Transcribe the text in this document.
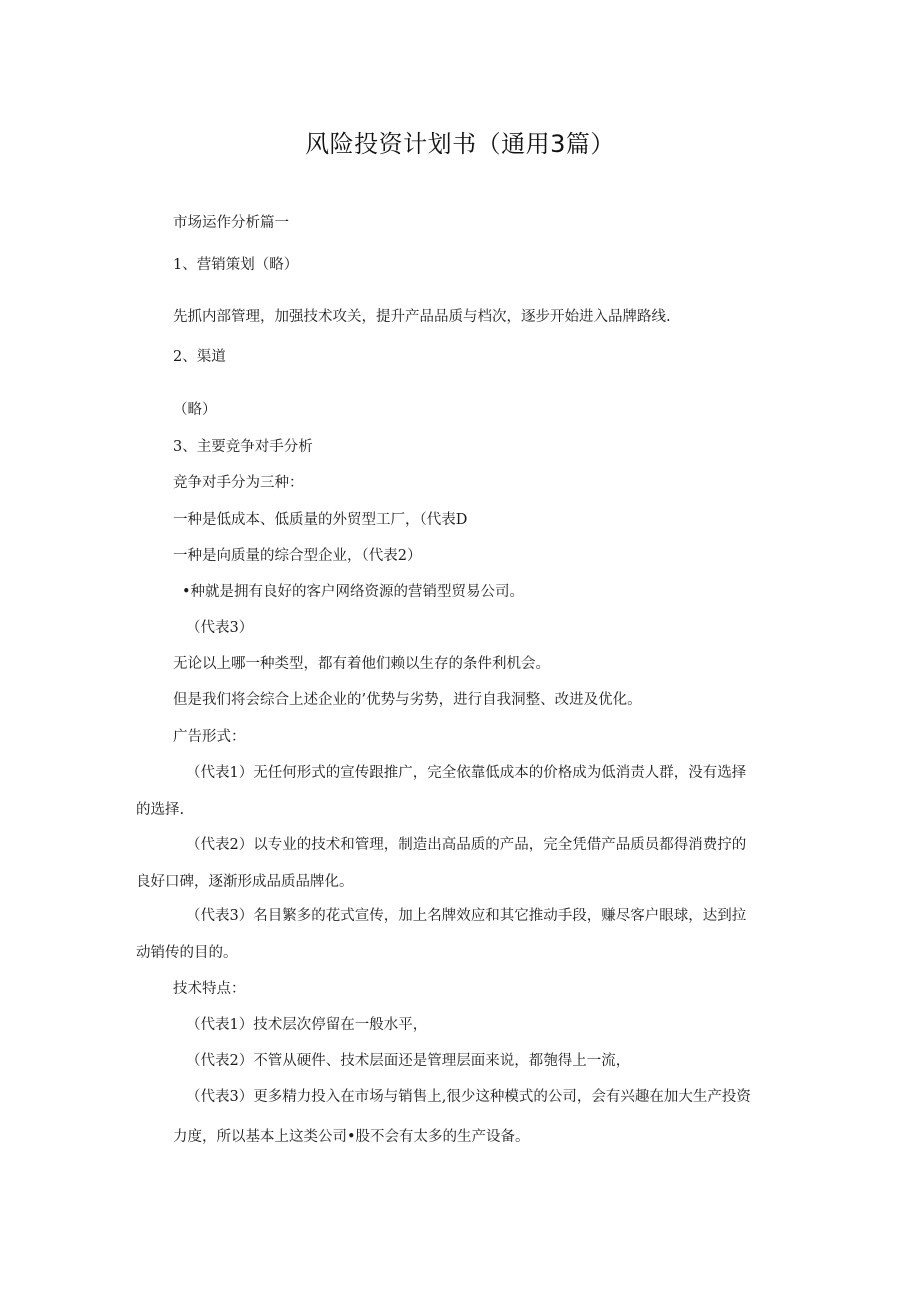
风险投资计划书（通用3篇）
市场运作分析篇一
1、营销策划（略）
先抓内部管理，加强技术攻关，提升产品品质与档次，逐步开始进入品牌路线.
2、渠道
（略）
3、主要竞争对手分析
竞争对手分为三种：
一种是低成本、低质量的外贸型工厂，（代表D
一种是向质量的综合型企业，（代表2）
•种就是拥有良好的客户网络资源的营销型贸易公司。
（代表3）
无论以上哪一种类型，都有着他们赖以生存的条件利机会。
但是我们将会综合上述企业的’优势与劣势，进行自我洞整、改进及优化。
广告形式：
（代表1）无任何形式的宣传跟推广，完全依靠低成本的价格成为低消责人群，没有选择
的选择.
（代表2）以专业的技术和管理，制造出高品质的产品，完全凭借产品质员都得消费拧的
良好口碑，逐渐形成品质品牌化。
（代表3）名目繁多的花式宣传，加上名牌效应和其它推动手段，赚尽客户眼球，达到拉
动销传的目的。
技术特点：
（代表1）技术层次停留在一般水平，
（代表2）不管从硬件、技术层面还是管理层面来说，都匏得上一流，
（代表3）更多精力投入在市场与销售上,很少这种模式的公司，会有兴趣在加大生产投资
力度，所以基本上这类公司•股不会有太多的生产设备。
